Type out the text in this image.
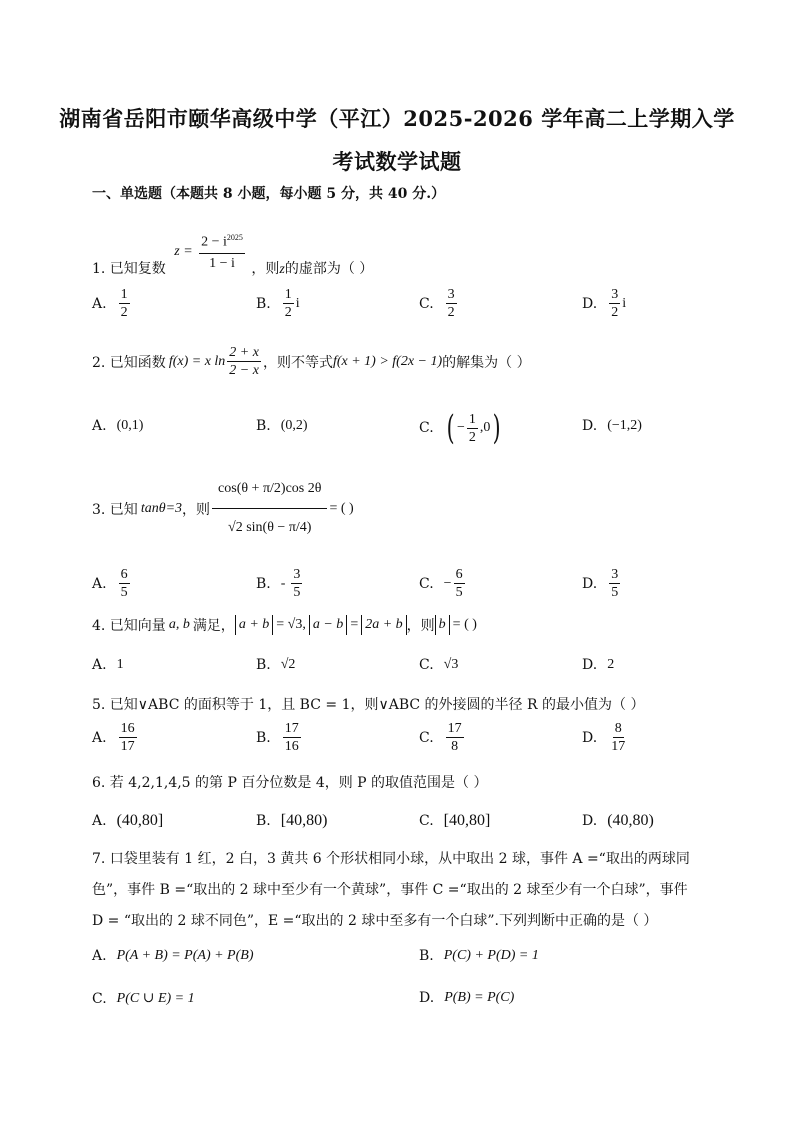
湖南省岳阳市颐华高级中学（平江）2025-2026 学年高二上学期入学
考试数学试题
一、单选题（本题共 8 小题，每小题 5 分，共 40 分.）
1. 已知复数 $z = \frac{2 - i^{2025}}{1 - i}$ ，则z的虚部为（ ）
A. $\frac{1}{2}$	B. $\frac{1}{2}$ i	C. $\frac{3}{2}$	D. $\frac{3}{2}$ i
2. 已知函数 f(x) = x $\ln \frac{2 + x}{2 - x}$ ，则不等式 f(x + 1) > f(2x − 1) 的解集为（ ）
A. (0,1)	B. (0,2)	C. ( − $\frac{1}{2} ,0$ )	D. (−1,2)
3. 已知 tanθ=3 ，则 $\frac{\cos(\theta + \pi/2)\cos 2\theta}{√2 \sin(\theta - \pi/4)}$ = ( )
A. $\frac{6}{5}$	B. - $\frac{3}{5}$	C. − $\frac{6}{5}$	D. $\frac{3}{5}$
4. 已知向量 a, b 满足， a + b = √3, a − b = 2a + b ，则 b = ( )
A. 1	B. √2	C. √3	D. 2
5. 已知∨ABC 的面积等于 1，且 BC = 1，则∨ABC 的外接圆的半径 R 的最小值为（ ）
A. $\frac{16}{17}$	B. $\frac{17}{16}$	C. $\frac{17}{8}$	D. $\frac{8}{17}$
6. 若 4,2,1,4,5 的第 P 百分位数是 4，则 P 的取值范围是（ ）
A. (40,80]	B. [40,80)	C. [40,80]	D. (40,80)
7. 口袋里装有 1 红，2 白，3 黄共 6 个形状相同小球，从中取出 2 球，事件 A =“取出的两球同
色”，事件 B =“取出的 2 球中至少有一个黄球”，事件 C =“取出的 2 球至少有一个白球”，事件
D = “取出的 2 球不同色”，E =“取出的 2 球中至多有一个白球”.下列判断中正确的是（ ）
A. P(A + B) = P(A) + P(B)	B. P(C) + P(D) = 1
C. P(C ∪ E) = 1	D. P(B) = P(C)
